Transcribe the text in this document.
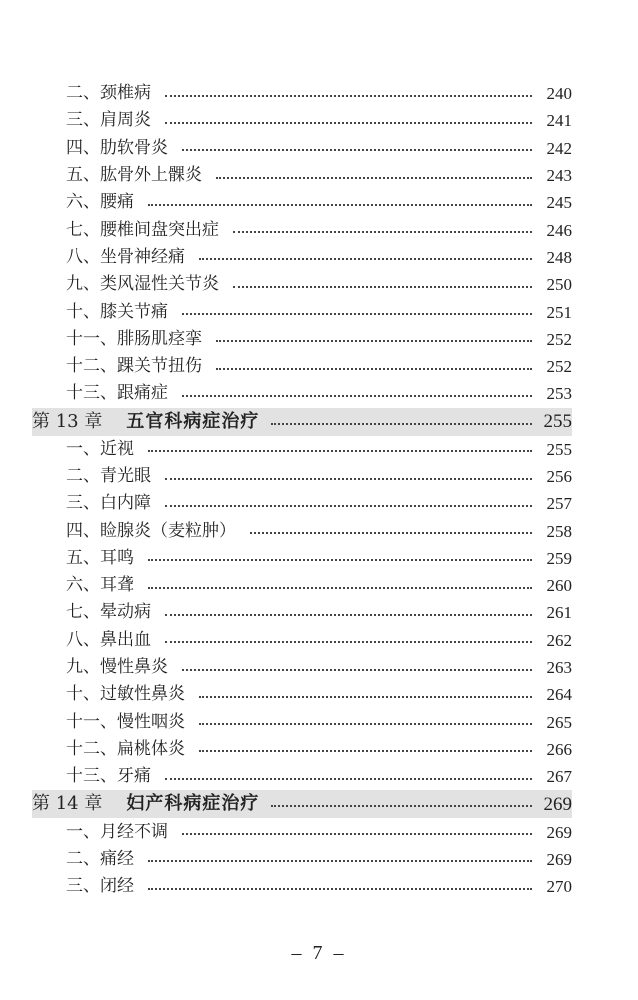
二、颈椎病	240
三、肩周炎	241
四、肋软骨炎	242
五、肱骨外上髁炎	243
六、腰痛	245
七、腰椎间盘突出症	246
八、坐骨神经痛	248
九、类风湿性关节炎	250
十、膝关节痛	251
十一、腓肠肌痉挛	252
十二、踝关节扭伤	252
十三、跟痛症	253
第 13 章 五官科病症治疗	255
一、近视	255
二、青光眼	256
三、白内障	257
四、睑腺炎（麦粒肿）	258
五、耳鸣	259
六、耳聋	260
七、晕动病	261
八、鼻出血	262
九、慢性鼻炎	263
十、过敏性鼻炎	264
十一、慢性咽炎	265
十二、扁桃体炎	266
十三、牙痛	267
第 14 章 妇产科病症治疗	269
一、月经不调	269
二、痛经	269
三、闭经	270
– 7 –
